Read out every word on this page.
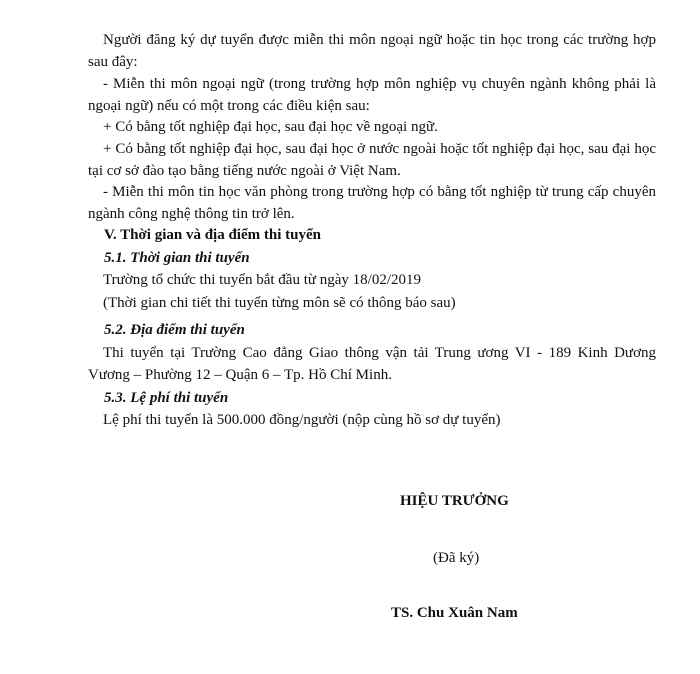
Người đăng ký dự tuyển được miễn thi môn ngoại ngữ hoặc tin học trong các trường hợp sau đây:

- Miễn thi môn ngoại ngữ (trong trường hợp môn nghiệp vụ chuyên ngành không phải là ngoại ngữ) nếu có một trong các điều kiện sau:

+ Có bằng tốt nghiệp đại học, sau đại học về ngoại ngữ.

+ Có bằng tốt nghiệp đại học, sau đại học ở nước ngoài hoặc tốt nghiệp đại học, sau đại học tại cơ sở đào tạo bằng tiếng nước ngoài ở Việt Nam.

- Miễn thi môn tin học văn phòng trong trường hợp có bằng tốt nghiệp từ trung cấp chuyên ngành công nghệ thông tin trở lên.

V. Thời gian và địa điểm thi tuyển

5.1. Thời gian thi tuyển

Trường tổ chức thi tuyển bắt đầu từ ngày 18/02/2019

(Thời gian chi tiết thi tuyển từng môn sẽ có thông báo sau)

5.2. Địa điểm thi tuyển

Thi tuyển tại Trường Cao đẳng Giao thông vận tải Trung ương VI - 189 Kinh Dương Vương – Phường 12 – Quận 6 – Tp. Hồ Chí Minh.

5.3. Lệ phí thi tuyển

Lệ phí thi tuyển là 500.000 đồng/người (nộp cùng hồ sơ dự tuyển)

HIỆU TRƯỞNG

(Đã ký)

TS. Chu Xuân Nam
